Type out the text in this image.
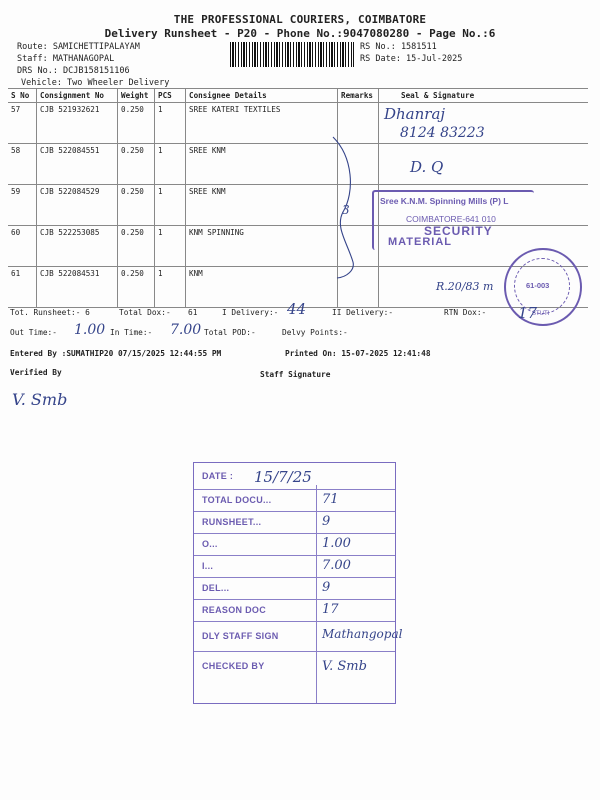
THE PROFESSIONAL COURIERS, COIMBATORE
Delivery Runsheet - P20 - Phone No.:9047080280 - Page No.:6
Route: SAMICHETTIPALAYAM
Staff: MATHANAGOPAL
DRS No.: DCJB158151106
Vehicle: Two Wheeler Delivery
RS No.: 1581511
RS Date: 15-Jul-2025
S No	Consignment No	Weight	PCS	Consignee Details	Remarks	Seal & Signature
57	CJB 521932621	0.250	1	SREE KATERI TEXTILES		
58	CJB 522084551	0.250	1	SREE KNM		
59	CJB 522084529	0.250	1	SREE KNM		
60	CJB 522253085	0.250	1	KNM SPINNING		
61	CJB 522084531	0.250	1	KNM		
Dhanraj
8124 83223
D. Q
3
Sree K.N.M. Spinning Mills (P) L
COIMBATORE-641 010
SECURITY
MATERIAL
61-003
STUTI
R.20/83 m
Tot. Runsheet:- 6	Total Dox:- 61	I Delivery:- 44	II Delivery:-	RTN Dox:- 17
Out Time:- 1.00 In Time:- 7.00 Total POD:-	Delvy Points:-
Entered By :SUMATHIP20 07/15/2025 12:44:55 PM	Printed On: 15-07-2025 12:41:48
Verified By	Staff Signature
V. Smb
DATE : 15/7/25
TOTAL DOCU...	71
RUNSHEET...	9
O...	1.00
I...	7.00
DEL...	9
REASON DOC	17
DLY STAFF SIGN	Mathangopal
CHECKED BY	V. Smb
